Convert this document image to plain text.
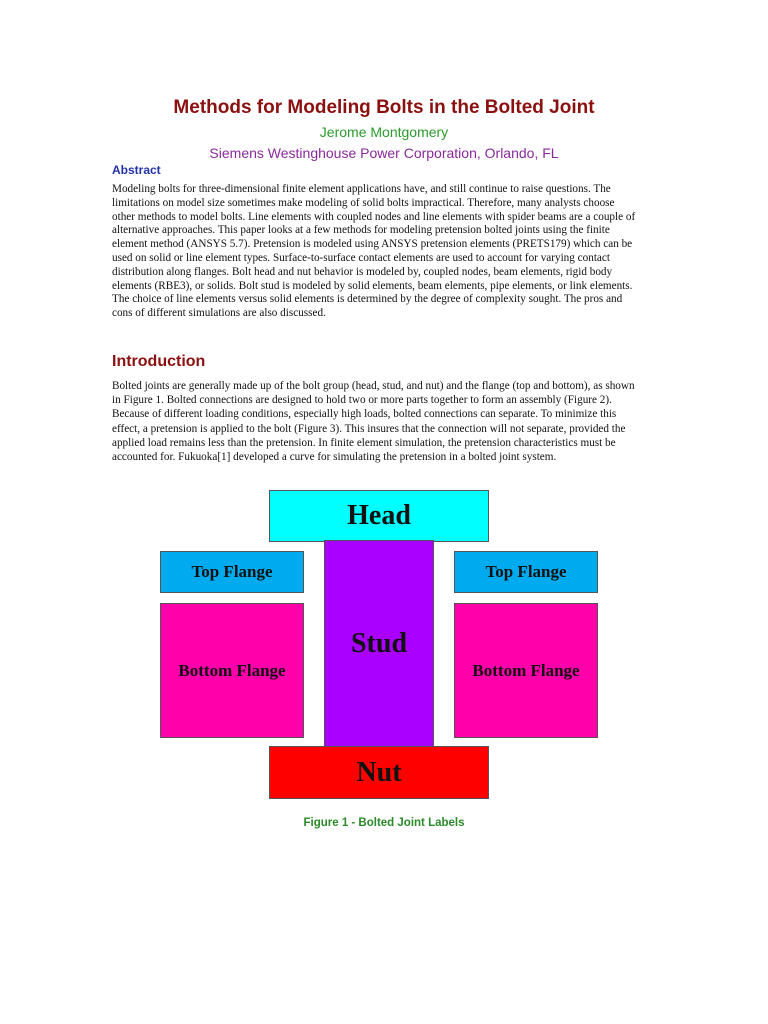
Methods for Modeling Bolts in the Bolted Joint
Jerome Montgomery
Siemens Westinghouse Power Corporation, Orlando, FL
Abstract

Modeling bolts for three-dimensional finite element applications have, and still continue to raise questions. The limitations on model size sometimes make modeling of solid bolts impractical. Therefore, many analysts choose other methods to model bolts. Line elements with coupled nodes and line elements with spider beams are a couple of alternative approaches. This paper looks at a few methods for modeling pretension bolted joints using the finite element method (ANSYS 5.7). Pretension is modeled using ANSYS pretension elements (PRETS179) which can be used on solid or line element types. Surface-to-surface contact elements are used to account for varying contact distribution along flanges. Bolt head and nut behavior is modeled by, coupled nodes, beam elements, rigid body elements (RBE3), or solids. Bolt stud is modeled by solid elements, beam elements, pipe elements, or link elements. The choice of line elements versus solid elements is determined by the degree of complexity sought. The pros and cons of different simulations are also discussed.

Introduction

Bolted joints are generally made up of the bolt group (head, stud, and nut) and the flange (top and bottom), as shown in Figure 1. Bolted connections are designed to hold two or more parts together to form an assembly (Figure 2). Because of different loading conditions, especially high loads, bolted connections can separate. To minimize this effect, a pretension is applied to the bolt (Figure 3). This insures that the connection will not separate, provided the applied load remains less than the pretension. In finite element simulation, the pretension characteristics must be accounted for. Fukuoka[1] developed a curve for simulating the pretension in a bolted joint system.

Head
Top Flange	Top Flange
Bottom Flange	Bottom Flange
Stud
Nut
Figure 1 - Bolted Joint Labels
